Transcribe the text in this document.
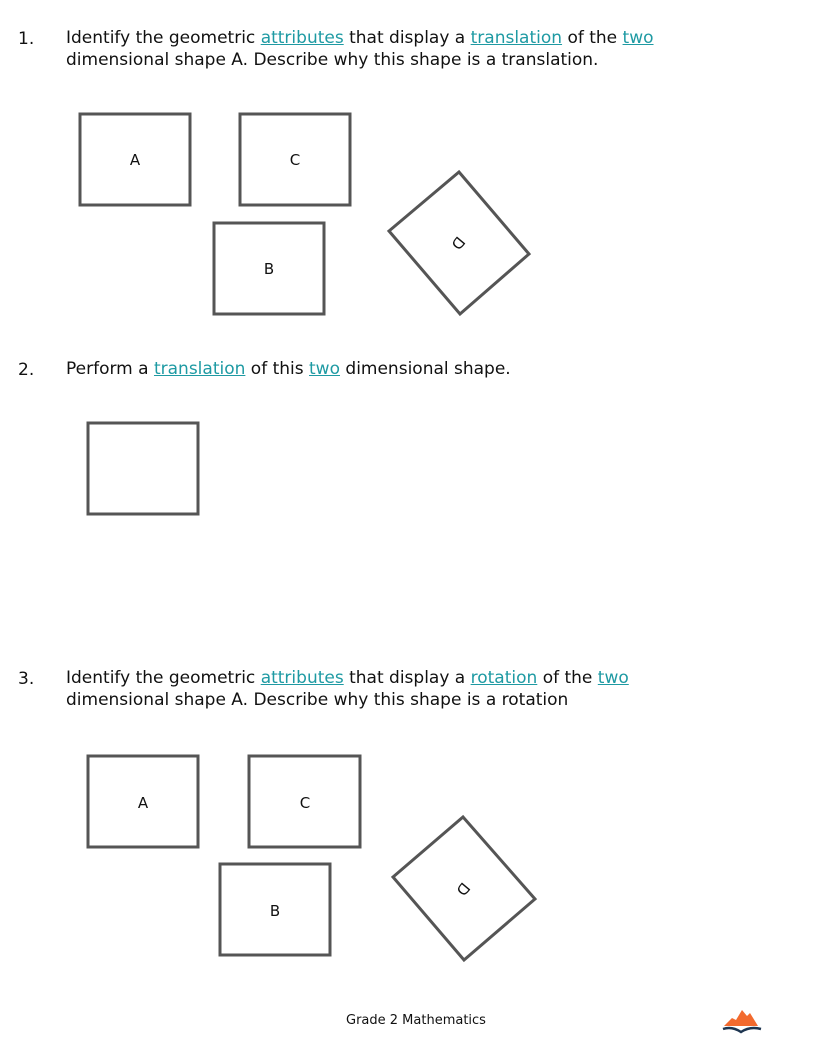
1. Identify the geometric attributes that display a translation of the two
dimensional shape A. Describe why this shape is a translation.
2. Perform a translation of this two dimensional shape.
3. Identify the geometric attributes that display a rotation of the two
dimensional shape A. Describe why this shape is a rotation
A	C
B
D
A	C
B
D
Grade 2 Mathematics
